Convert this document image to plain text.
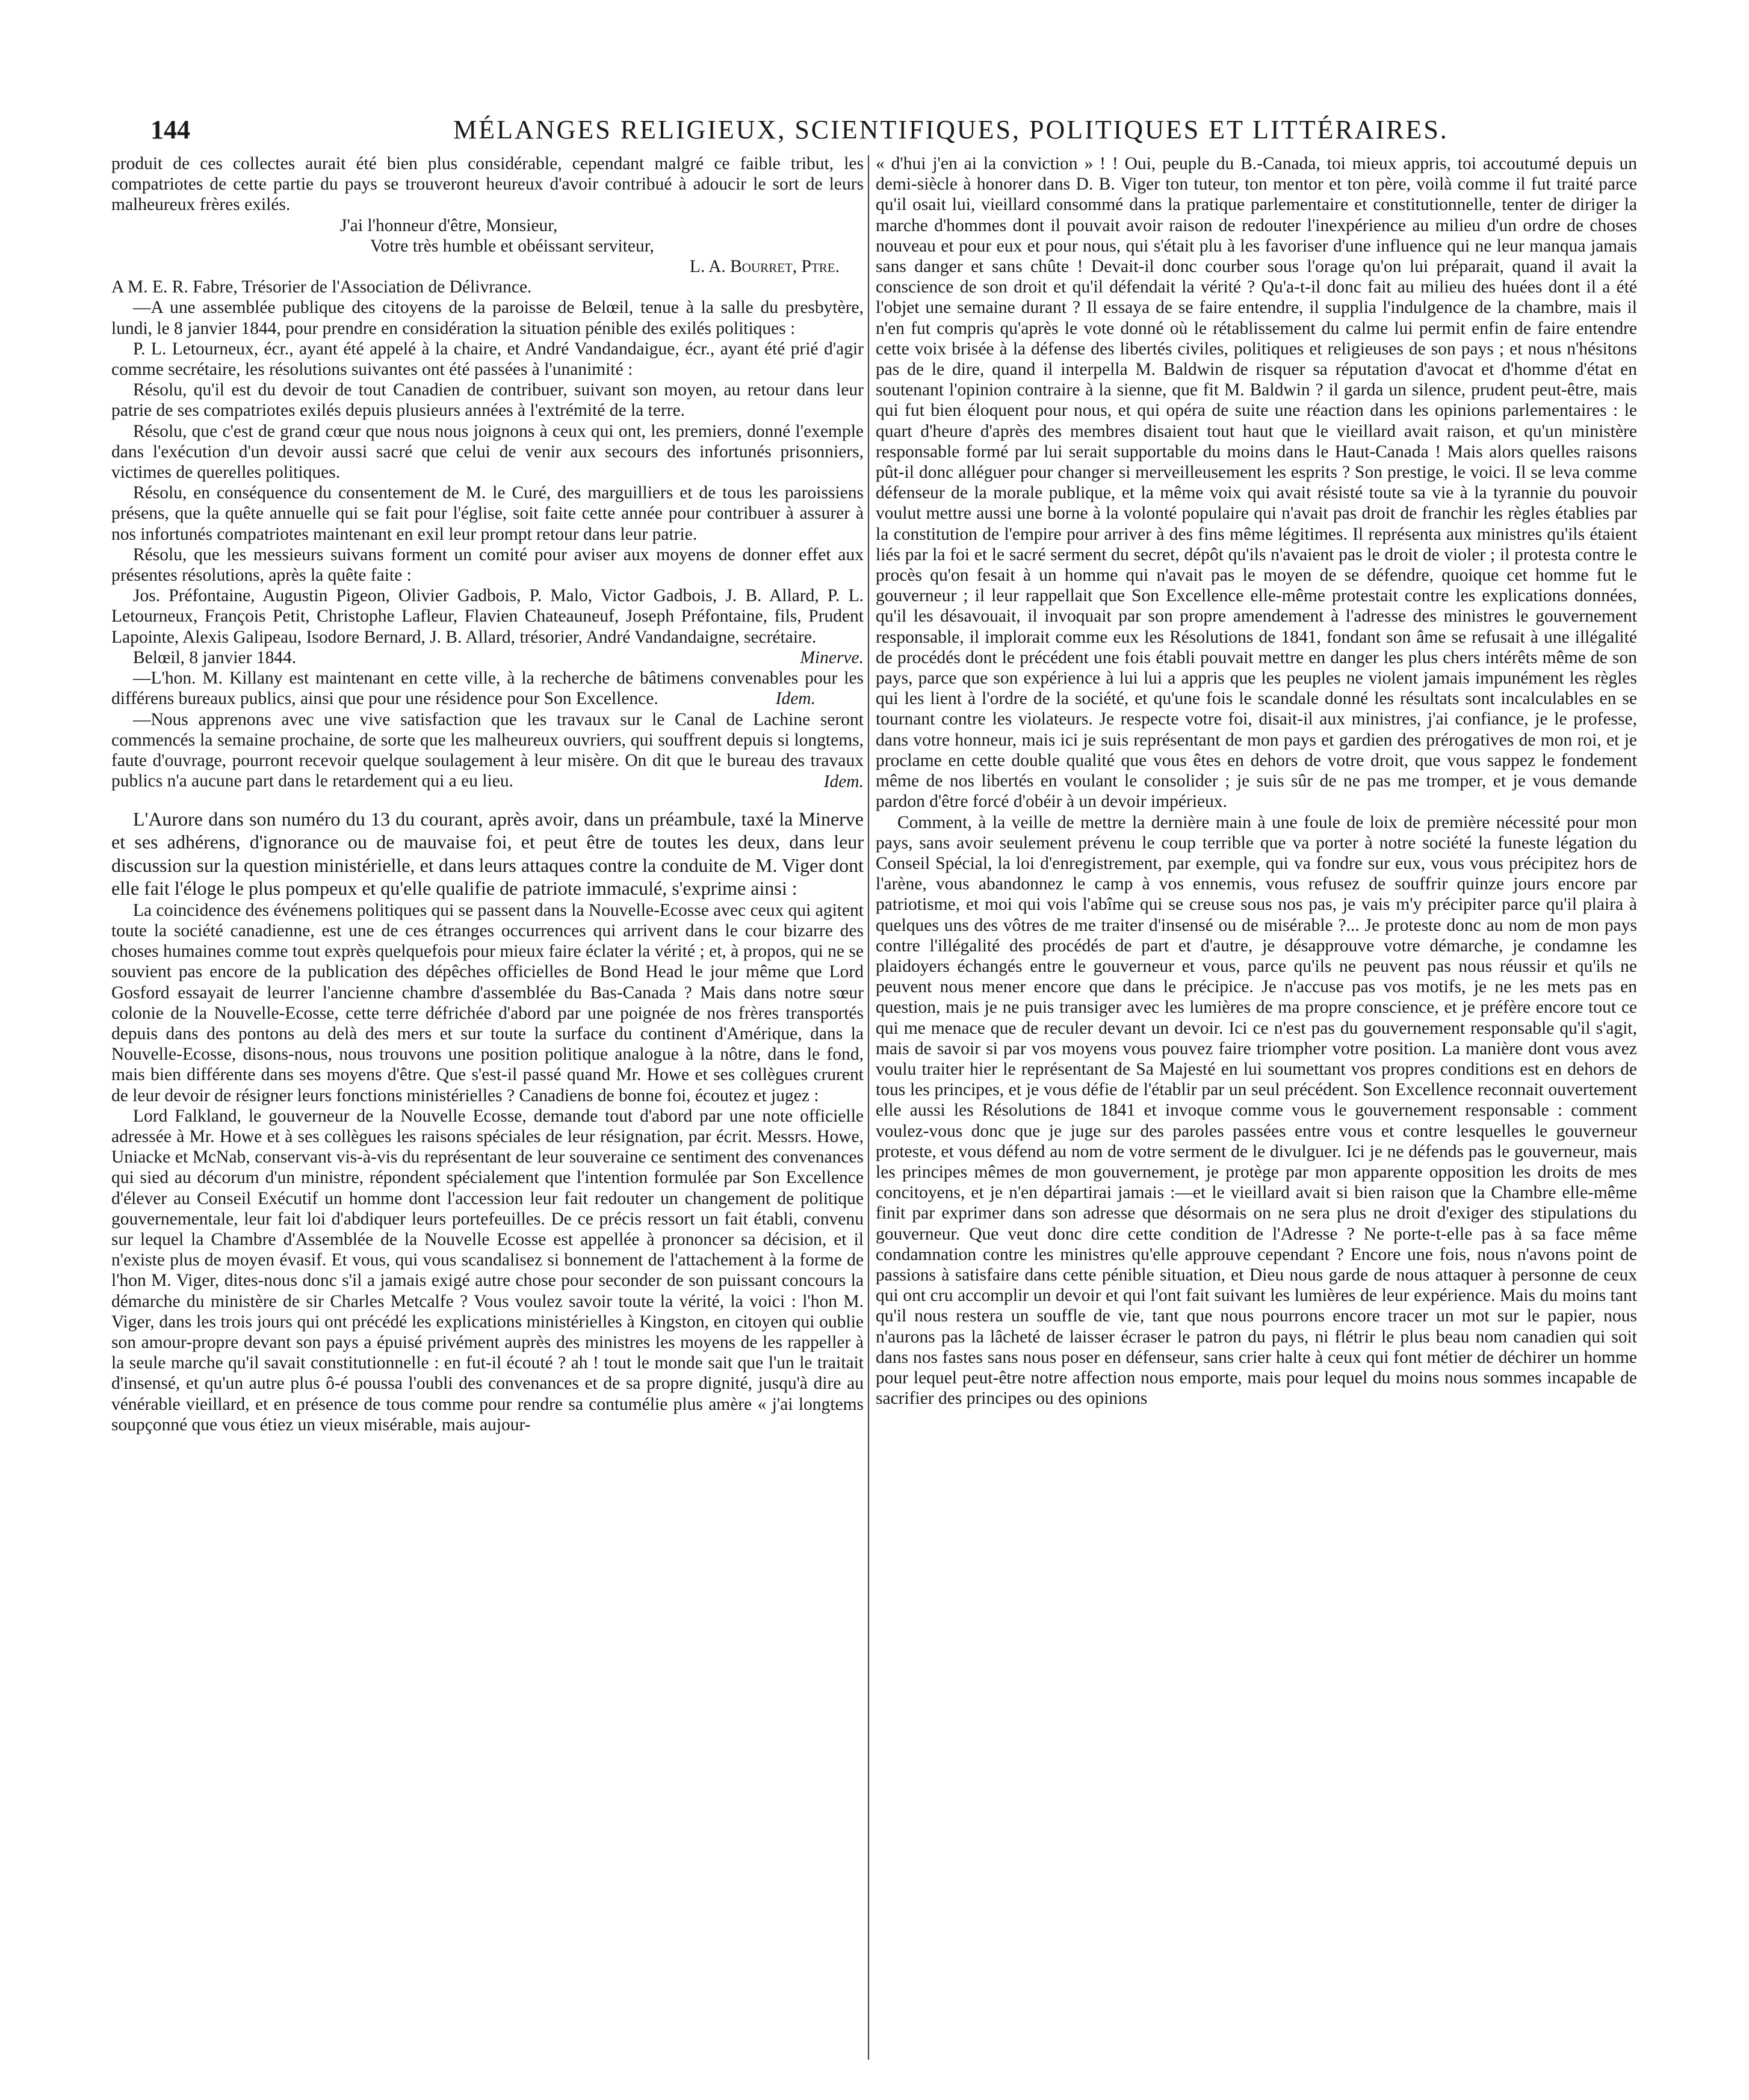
144	MÉLANGES RELIGIEUX, SCIENTIFIQUES, POLITIQUES ET LITTÉRAIRES.

produit de ces collectes aurait été bien plus considérable, cependant malgré ce faible tribut, les compatriotes de cette partie du pays se trouveront heureux d'avoir contribué à adoucir le sort de leurs malheureux frères exilés.

J'ai l'honneur d'être, Monsieur,

Votre très humble et obéissant serviteur,

L. A. Bourret, Ptre.

A M. E. R. Fabre, Trésorier de l'Association de Délivrance.

—A une assemblée publique des citoyens de la paroisse de Belœil, tenue à la salle du presbytère, lundi, le 8 janvier 1844, pour prendre en considération la situation pénible des exilés politiques :

P. L. Letourneux, écr., ayant été appelé à la chaire, et André Vandandaigue, écr., ayant été prié d'agir comme secrétaire, les résolutions suivantes ont été passées à l'unanimité :

Résolu, qu'il est du devoir de tout Canadien de contribuer, suivant son moyen, au retour dans leur patrie de ses compatriotes exilés depuis plusieurs années à l'extrémité de la terre.

Résolu, que c'est de grand cœur que nous nous joignons à ceux qui ont, les premiers, donné l'exemple dans l'exécution d'un devoir aussi sacré que celui de venir aux secours des infortunés prisonniers, victimes de querelles politiques.

Résolu, en conséquence du consentement de M. le Curé, des marguilliers et de tous les paroissiens présens, que la quête annuelle qui se fait pour l'église, soit faite cette année pour contribuer à assurer à nos infortunés compatriotes maintenant en exil leur prompt retour dans leur patrie.

Résolu, que les messieurs suivans forment un comité pour aviser aux moyens de donner effet aux présentes résolutions, après la quête faite :

Jos. Préfontaine, Augustin Pigeon, Olivier Gadbois, P. Malo, Victor Gadbois, J. B. Allard, P. L. Letourneux, François Petit, Christophe Lafleur, Flavien Chateauneuf, Joseph Préfontaine, fils, Prudent Lapointe, Alexis Galipeau, Isodore Bernard, J. B. Allard, trésorier, André Vandandaigne, secrétaire.

Belœil, 8 janvier 1844.	Minerve.

—L'hon. M. Killany est maintenant en cette ville, à la recherche de bâtimens convenables pour les différens bureaux publics, ainsi que pour une résidence pour Son Excellence.	Idem.

—Nous apprenons avec une vive satisfaction que les travaux sur le Canal de Lachine seront commencés la semaine prochaine, de sorte que les malheureux ouvriers, qui souffrent depuis si longtems, faute d'ouvrage, pourront recevoir quelque soulagement à leur misère. On dit que le bureau des travaux publics n'a aucune part dans le retardement qui a eu lieu.	Idem.

L'Aurore dans son numéro du 13 du courant, après avoir, dans un préambule, taxé la Minerve et ses adhérens, d'ignorance ou de mauvaise foi, et peut être de toutes les deux, dans leur discussion sur la question ministérielle, et dans leurs attaques contre la conduite de M. Viger dont elle fait l'éloge le plus pompeux et qu'elle qualifie de patriote immaculé, s'exprime ainsi :

La coincidence des événemens politiques qui se passent dans la Nouvelle-Ecosse avec ceux qui agitent toute la société canadienne, est une de ces étranges occurrences qui arrivent dans le cour bizarre des choses humaines comme tout exprès quelquefois pour mieux faire éclater la vérité ; et, à propos, qui ne se souvient pas encore de la publication des dépêches officielles de Bond Head le jour même que Lord Gosford essayait de leurrer l'ancienne chambre d'assemblée du Bas-Canada ? Mais dans notre sœur colonie de la Nouvelle-Ecosse, cette terre défrichée d'abord par une poignée de nos frères transportés depuis dans des pontons au delà des mers et sur toute la surface du continent d'Amérique, dans la Nouvelle-Ecosse, disons-nous, nous trouvons une position politique analogue à la nôtre, dans le fond, mais bien différente dans ses moyens d'être. Que s'est-il passé quand Mr. Howe et ses collègues crurent de leur devoir de résigner leurs fonctions ministérielles ? Canadiens de bonne foi, écoutez et jugez :

Lord Falkland, le gouverneur de la Nouvelle Ecosse, demande tout d'abord par une note officielle adressée à Mr. Howe et à ses collègues les raisons spéciales de leur résignation, par écrit. Messrs. Howe, Uniacke et McNab, conservant vis-à-vis du représentant de leur souveraine ce sentiment des convenances qui sied au décorum d'un ministre, répondent spécialement que l'intention formulée par Son Excellence d'élever au Conseil Exécutif un homme dont l'accession leur fait redouter un changement de politique gouvernementale, leur fait loi d'abdiquer leurs portefeuilles. De ce précis ressort un fait établi, convenu sur lequel la Chambre d'Assemblée de la Nouvelle Ecosse est appellée à prononcer sa décision, et il n'existe plus de moyen évasif. Et vous, qui vous scandalisez si bonnement de l'attachement à la forme de l'hon M. Viger, dites-nous donc s'il a jamais exigé autre chose pour seconder de son puissant concours la démarche du ministère de sir Charles Metcalfe ? Vous voulez savoir toute la vérité, la voici : l'hon M. Viger, dans les trois jours qui ont précédé les explications ministérielles à Kingston, en citoyen qui oublie son amour-propre devant son pays a épuisé privément auprès des ministres les moyens de les rappeller à la seule marche qu'il savait constitutionnelle : en fut-il écouté ? ah ! tout le monde sait que l'un le traitait d'insensé, et qu'un autre plus ô-é poussa l'oubli des convenances et de sa propre dignité, jusqu'à dire au vénérable vieillard, et en présence de tous comme pour rendre sa contumélie plus amère « j'ai longtems soupçonné que vous étiez un vieux misérable, mais aujour-

« d'hui j'en ai la conviction » ! ! Oui, peuple du B.-Canada, toi mieux appris, toi accoutumé depuis un demi-siècle à honorer dans D. B. Viger ton tuteur, ton mentor et ton père, voilà comme il fut traité parce qu'il osait lui, vieillard consommé dans la pratique parlementaire et constitutionnelle, tenter de diriger la marche d'hommes dont il pouvait avoir raison de redouter l'inexpérience au milieu d'un ordre de choses nouveau et pour eux et pour nous, qui s'était plu à les favoriser d'une influence qui ne leur manqua jamais sans danger et sans chûte ! Devait-il donc courber sous l'orage qu'on lui préparait, quand il avait la conscience de son droit et qu'il défendait la vérité ? Qu'a-t-il donc fait au milieu des huées dont il a été l'objet une semaine durant ? Il essaya de se faire entendre, il supplia l'indulgence de la chambre, mais il n'en fut compris qu'après le vote donné où le rétablissement du calme lui permit enfin de faire entendre cette voix brisée à la défense des libertés civiles, politiques et religieuses de son pays ; et nous n'hésitons pas de le dire, quand il interpella M. Baldwin de risquer sa réputation d'avocat et d'homme d'état en soutenant l'opinion contraire à la sienne, que fit M. Baldwin ? il garda un silence, prudent peut-être, mais qui fut bien éloquent pour nous, et qui opéra de suite une réaction dans les opinions parlementaires : le quart d'heure d'après des membres disaient tout haut que le vieillard avait raison, et qu'un ministère responsable formé par lui serait supportable du moins dans le Haut-Canada ! Mais alors quelles raisons pût-il donc alléguer pour changer si merveilleusement les esprits ? Son prestige, le voici. Il se leva comme défenseur de la morale publique, et la même voix qui avait résisté toute sa vie à la tyrannie du pouvoir voulut mettre aussi une borne à la volonté populaire qui n'avait pas droit de franchir les règles établies par la constitution de l'empire pour arriver à des fins même légitimes. Il représenta aux ministres qu'ils étaient liés par la foi et le sacré serment du secret, dépôt qu'ils n'avaient pas le droit de violer ; il protesta contre le procès qu'on fesait à un homme qui n'avait pas le moyen de se défendre, quoique cet homme fut le gouverneur ; il leur rappellait que Son Excellence elle-même protestait contre les explications données, qu'il les désavouait, il invoquait par son propre amendement à l'adresse des ministres le gouvernement responsable, il implorait comme eux les Résolutions de 1841, fondant son âme se refusait à une illégalité de procédés dont le précédent une fois établi pouvait mettre en danger les plus chers intérêts même de son pays, parce que son expérience à lui lui a appris que les peuples ne violent jamais impunément les règles qui les lient à l'ordre de la société, et qu'une fois le scandale donné les résultats sont incalculables en se tournant contre les violateurs. Je respecte votre foi, disait-il aux ministres, j'ai confiance, je le professe, dans votre honneur, mais ici je suis représentant de mon pays et gardien des prérogatives de mon roi, et je proclame en cette double qualité que vous êtes en dehors de votre droit, que vous sappez le fondement même de nos libertés en voulant le consolider ; je suis sûr de ne pas me tromper, et je vous demande pardon d'être forcé d'obéir à un devoir impérieux.

Comment, à la veille de mettre la dernière main à une foule de loix de première nécessité pour mon pays, sans avoir seulement prévenu le coup terrible que va porter à notre société la funeste légation du Conseil Spécial, la loi d'enregistrement, par exemple, qui va fondre sur eux, vous vous précipitez hors de l'arène, vous abandonnez le camp à vos ennemis, vous refusez de souffrir quinze jours encore par patriotisme, et moi qui vois l'abîme qui se creuse sous nos pas, je vais m'y précipiter parce qu'il plaira à quelques uns des vôtres de me traiter d'insensé ou de misérable ?... Je proteste donc au nom de mon pays contre l'illégalité des procédés de part et d'autre, je désapprouve votre démarche, je condamne les plaidoyers échangés entre le gouverneur et vous, parce qu'ils ne peuvent pas nous réussir et qu'ils ne peuvent nous mener encore que dans le précipice. Je n'accuse pas vos motifs, je ne les mets pas en question, mais je ne puis transiger avec les lumières de ma propre conscience, et je préfère encore tout ce qui me menace que de reculer devant un devoir. Ici ce n'est pas du gouvernement responsable qu'il s'agit, mais de savoir si par vos moyens vous pouvez faire triompher votre position. La manière dont vous avez voulu traiter hier le représentant de Sa Majesté en lui soumettant vos propres conditions est en dehors de tous les principes, et je vous défie de l'établir par un seul précédent. Son Excellence reconnait ouvertement elle aussi les Résolutions de 1841 et invoque comme vous le gouvernement responsable : comment voulez-vous donc que je juge sur des paroles passées entre vous et contre lesquelles le gouverneur proteste, et vous défend au nom de votre serment de le divulguer. Ici je ne défends pas le gouverneur, mais les principes mêmes de mon gouvernement, je protège par mon apparente opposition les droits de mes concitoyens, et je n'en départirai jamais :—et le vieillard avait si bien raison que la Chambre elle-même finit par exprimer dans son adresse que désormais on ne sera plus ne droit d'exiger des stipulations du gouverneur. Que veut donc dire cette condition de l'Adresse ? Ne porte-t-elle pas à sa face même condamnation contre les ministres qu'elle approuve cependant ? Encore une fois, nous n'avons point de passions à satisfaire dans cette pénible situation, et Dieu nous garde de nous attaquer à personne de ceux qui ont cru accomplir un devoir et qui l'ont fait suivant les lumières de leur expérience. Mais du moins tant qu'il nous restera un souffle de vie, tant que nous pourrons encore tracer un mot sur le papier, nous n'aurons pas la lâcheté de laisser écraser le patron du pays, ni flétrir le plus beau nom canadien qui soit dans nos fastes sans nous poser en défenseur, sans crier halte à ceux qui font métier de déchirer un homme pour lequel peut-être notre affection nous emporte, mais pour lequel du moins nous sommes incapable de sacrifier des principes ou des opinions
